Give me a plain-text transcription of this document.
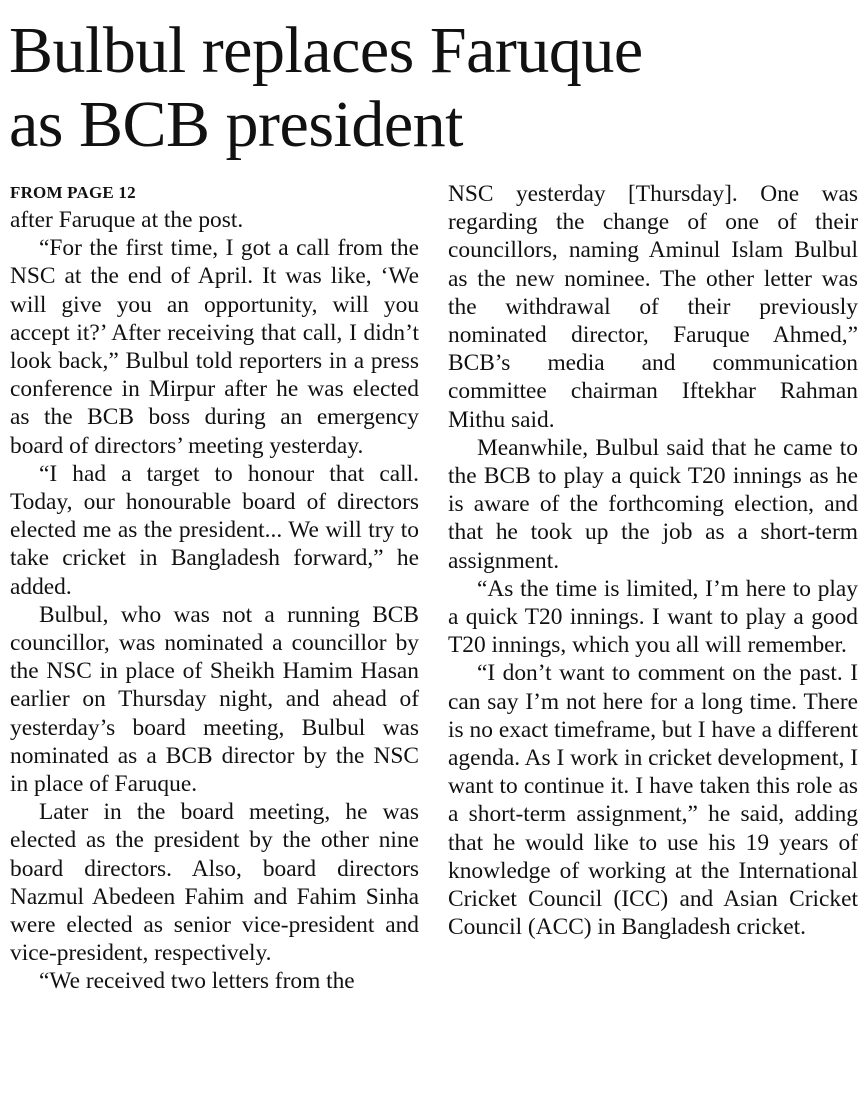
Bulbul replaces Faruque
as BCB president
FROM PAGE 12

after Faruque at the post.

“For the first time, I got a call from the NSC at the end of April. It was like, ‘We will give you an opportunity, will you accept it?’ After receiving that call, I didn’t look back,” Bulbul told reporters in a press conference in Mirpur after he was elected as the BCB boss during an emergency board of directors’ meeting yesterday.

“I had a target to honour that call. Today, our honourable board of directors elected me as the president... We will try to take cricket in Bangladesh forward,” he added.

Bulbul, who was not a running BCB councillor, was nominated a councillor by the NSC in place of Sheikh Hamim Hasan earlier on Thursday night, and ahead of yesterday’s board meeting, Bulbul was nominated as a BCB director by the NSC in place of Faruque.

Later in the board meeting, he was elected as the president by the other nine board directors. Also, board directors Nazmul Abedeen Fahim and Fahim Sinha were elected as senior vice-president and vice-president, respectively.

“We received two letters from the

NSC yesterday [Thursday]. One was regarding the change of one of their councillors, naming Aminul Islam Bulbul as the new nominee. The other letter was the withdrawal of their previously nominated director, Faruque Ahmed,” BCB’s media and communication committee chairman Iftekhar Rahman Mithu said.

Meanwhile, Bulbul said that he came to the BCB to play a quick T20 innings as he is aware of the forthcoming election, and that he took up the job as a short-term assignment.

“As the time is limited, I’m here to play a quick T20 innings. I want to play a good T20 innings, which you all will remember.

“I don’t want to comment on the past. I can say I’m not here for a long time. There is no exact timeframe, but I have a different agenda. As I work in cricket development, I want to continue it. I have taken this role as a short-term assignment,” he said, adding that he would like to use his 19 years of knowledge of working at the International Cricket Council (ICC) and Asian Cricket Council (ACC) in Bangladesh cricket.
